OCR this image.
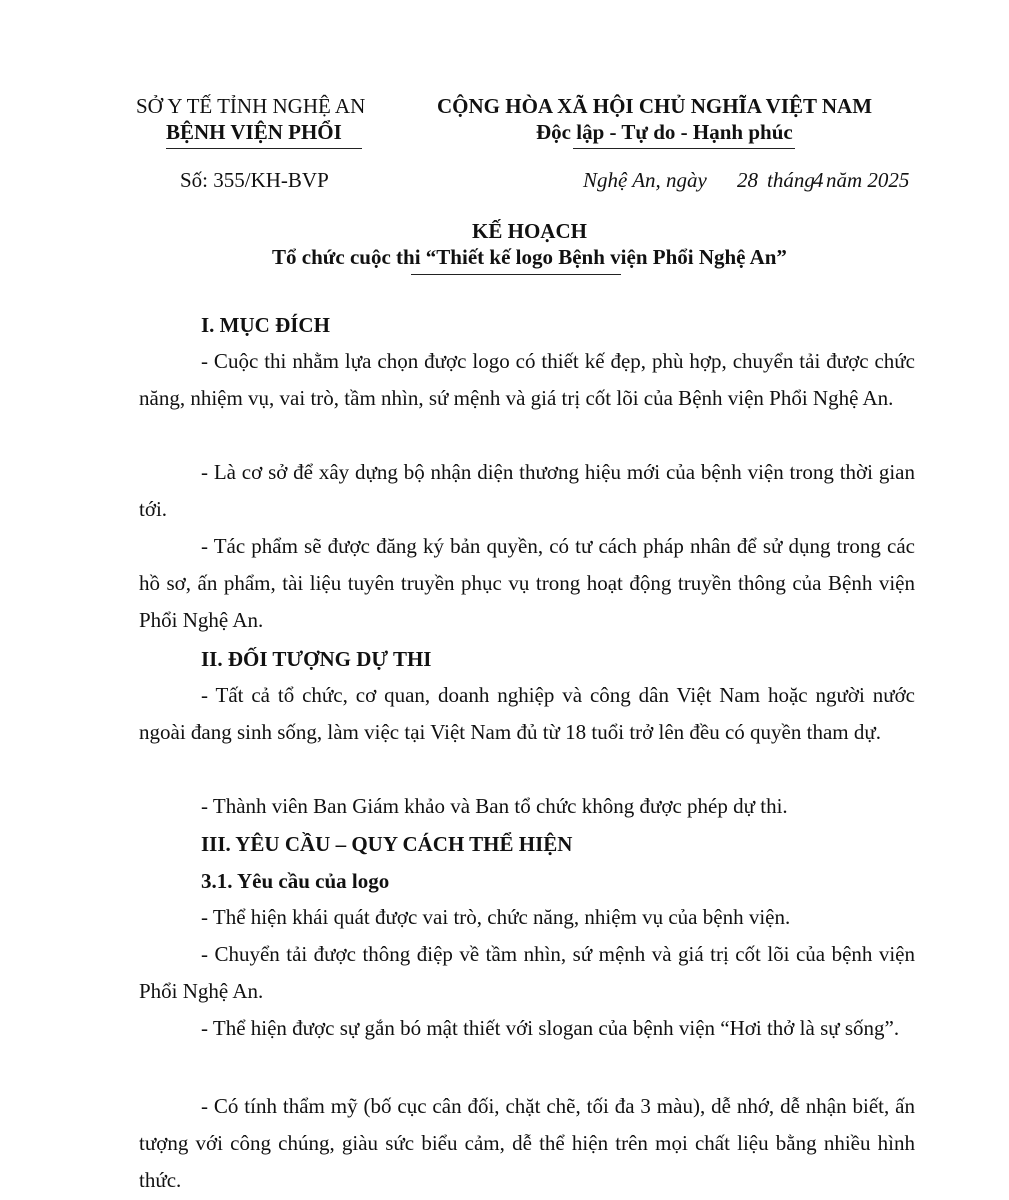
SỞ Y TẾ TỈNH NGHỆ AN
BỆNH VIỆN PHỔI
Số: 355/KH-BVP
CỘNG HÒA XÃ HỘI CHỦ NGHĨA VIỆT NAM
Độc lập - Tự do - Hạnh phúc
Nghệ An, ngày 28 tháng
4 năm 2025
KẾ HOẠCH
Tổ chức cuộc thi “Thiết kế logo Bệnh viện Phổi Nghệ An”
I. MỤC ĐÍCH
- Cuộc thi nhằm lựa chọn được logo có thiết kế đẹp, phù hợp, chuyển tải được chức năng, nhiệm vụ, vai trò, tầm nhìn, sứ mệnh và giá trị cốt lõi của Bệnh viện Phổi Nghệ An.
- Là cơ sở để xây dựng bộ nhận diện thương hiệu mới của bệnh viện trong thời gian tới.
- Tác phẩm sẽ được đăng ký bản quyền, có tư cách pháp nhân để sử dụng trong các hồ sơ, ấn phẩm, tài liệu tuyên truyền phục vụ trong hoạt động truyền thông của Bệnh viện Phổi Nghệ An.
II. ĐỐI TƯỢNG DỰ THI
- Tất cả tổ chức, cơ quan, doanh nghiệp và công dân Việt Nam hoặc người nước ngoài đang sinh sống, làm việc tại Việt Nam đủ từ 18 tuổi trở lên đều có quyền tham dự.
- Thành viên Ban Giám khảo và Ban tổ chức không được phép dự thi.
III. YÊU CẦU – QUY CÁCH THỂ HIỆN
3.1. Yêu cầu của logo
- Thể hiện khái quát được vai trò, chức năng, nhiệm vụ của bệnh viện.
- Chuyển tải được thông điệp về tầm nhìn, sứ mệnh và giá trị cốt lõi của bệnh viện Phổi Nghệ An.
- Thể hiện được sự gắn bó mật thiết với slogan của bệnh viện “Hơi thở là sự sống”.
- Có tính thẩm mỹ (bố cục cân đối, chặt chẽ, tối đa 3 màu), dễ nhớ, dễ nhận biết, ấn tượng với công chúng, giàu sức biểu cảm, dễ thể hiện trên mọi chất liệu bằng nhiều hình thức.
